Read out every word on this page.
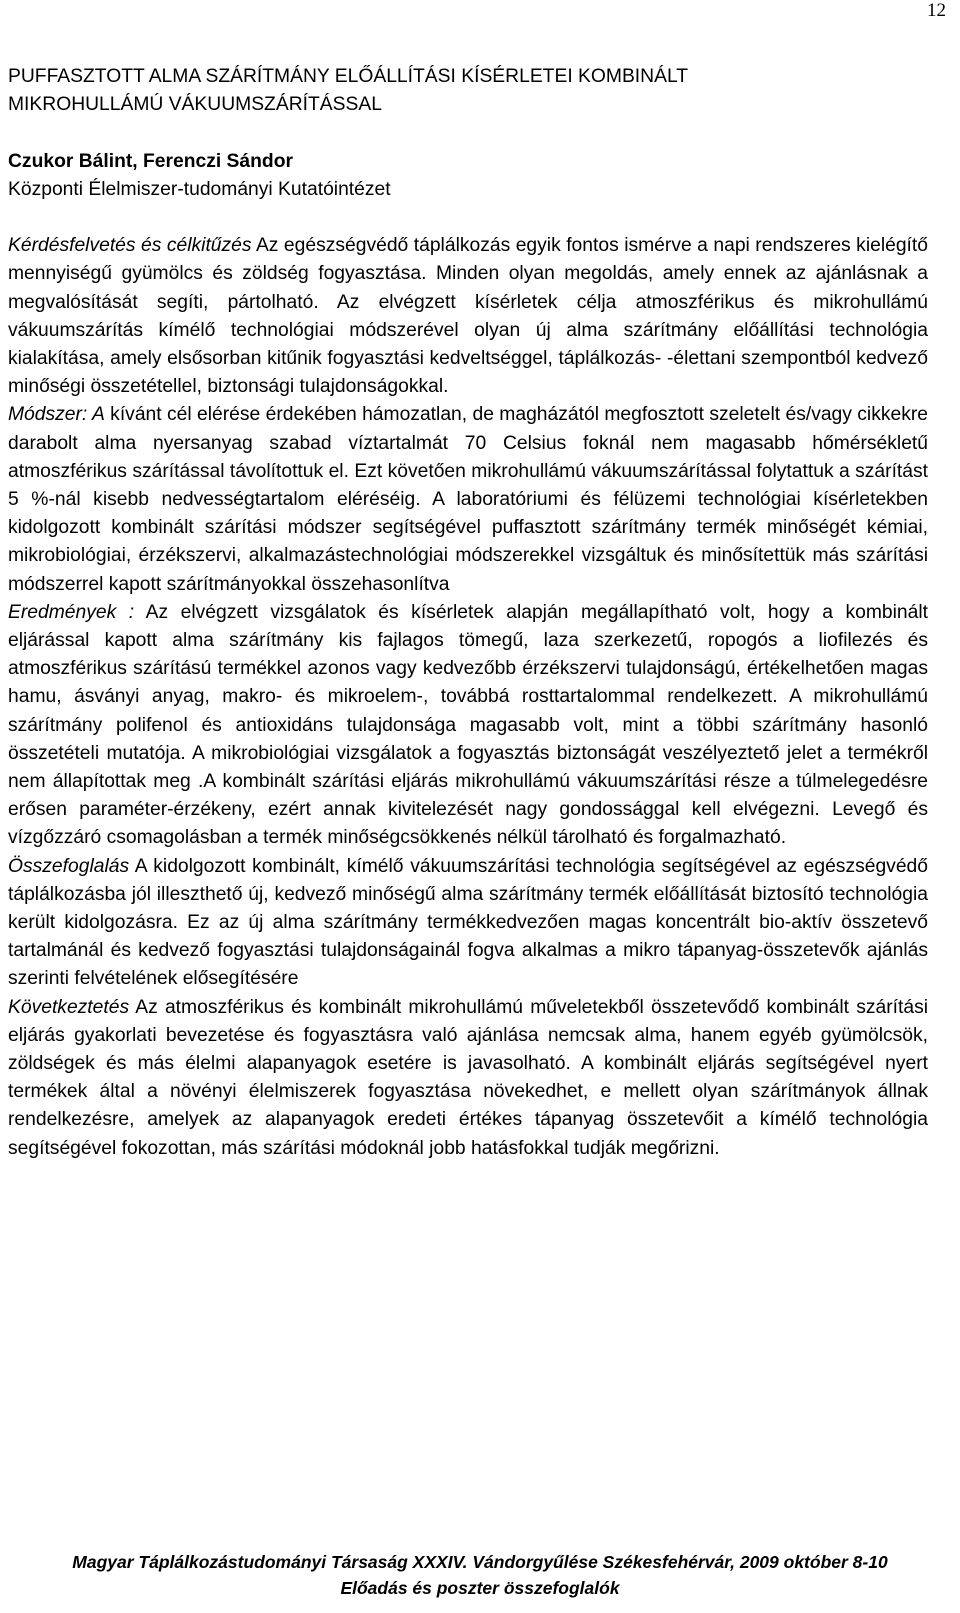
12

PUFFASZTOTT ALMA SZÁRÍTMÁNY ELŐÁLLÍTÁSI KÍSÉRLETEI KOMBINÁLT

MIKROHULLÁMÚ VÁKUUMSZÁRÍTÁSSAL

Czukor Bálint, Ferenczi Sándor

Központi Élelmiszer-tudományi Kutatóintézet

Kérdésfelvetés és célkitűzés Az egészségvédő táplálkozás egyik fontos ismérve a napi rendszeres kielégítő mennyiségű gyümölcs és zöldség fogyasztása. Minden olyan megoldás, amely ennek az ajánlásnak a megvalósítását segíti, pártolható. Az elvégzett kísérletek célja atmoszférikus és mikrohullámú vákuumszárítás kímélő technológiai módszerével olyan új alma szárítmány előállítási technológia kialakítása, amely elsősorban kitűnik fogyasztási kedveltséggel, táplálkozás- -élettani szempontból kedvező minőségi összetétellel, biztonsági tulajdonságokkal.

Módszer: A kívánt cél elérése érdekében hámozatlan, de magházától megfosztott szeletelt és/vagy cikkekre darabolt alma nyersanyag szabad víztartalmát 70 Celsius foknál nem magasabb hőmérsékletű atmoszférikus szárítással távolítottuk el. Ezt követően mikrohullámú vákuumszárítással folytattuk a szárítást 5 %-nál kisebb nedvességtartalom eléréséig. A laboratóriumi és félüzemi technológiai kísérletekben kidolgozott kombinált szárítási módszer segítségével puffasztott szárítmány termék minőségét kémiai, mikrobiológiai, érzékszervi, alkalmazástechnológiai módszerekkel vizsgáltuk és minősítettük más szárítási módszerrel kapott szárítmányokkal összehasonlítva

Eredmények : Az elvégzett vizsgálatok és kísérletek alapján megállapítható volt, hogy a kombinált eljárással kapott alma szárítmány kis fajlagos tömegű, laza szerkezetű, ropogós a liofilezés és atmoszférikus szárítású termékkel azonos vagy kedvezőbb érzékszervi tulajdonságú, értékelhetően magas hamu, ásványi anyag, makro- és mikroelem-, továbbá rosttartalommal rendelkezett. A mikrohullámú szárítmány polifenol és antioxidáns tulajdonsága magasabb volt, mint a többi szárítmány hasonló összetételi mutatója. A mikrobiológiai vizsgálatok a fogyasztás biztonságát veszélyeztető jelet a termékről nem állapítottak meg .A kombinált szárítási eljárás mikrohullámú vákuumszárítási része a túlmelegedésre erősen paraméter-érzékeny, ezért annak kivitelezését nagy gondossággal kell elvégezni. Levegő és vízgőzzáró csomagolásban a termék minőségcsökkenés nélkül tárolható és forgalmazható.

Összefoglalás A kidolgozott kombinált, kímélő vákuumszárítási technológia segítségével az egészségvédő táplálkozásba jól illeszthető új, kedvező minőségű alma szárítmány termék előállítását biztosító technológia került kidolgozásra. Ez az új alma szárítmány termékkedvezően magas koncentrált bio-aktív összetevő tartalmánál és kedvező fogyasztási tulajdonságainál fogva alkalmas a mikro tápanyag-összetevők ajánlás szerinti felvételének elősegítésére

Következtetés Az atmoszférikus és kombinált mikrohullámú műveletekből összetevődő kombinált szárítási eljárás gyakorlati bevezetése és fogyasztásra való ajánlása nemcsak alma, hanem egyéb gyümölcsök, zöldségek és más élelmi alapanyagok esetére is javasolható. A kombinált eljárás segítségével nyert termékek által a növényi élelmiszerek fogyasztása növekedhet, e mellett olyan szárítmányok állnak rendelkezésre, amelyek az alapanyagok eredeti értékes tápanyag összetevőit a kímélő technológia segítségével fokozottan, más szárítási módoknál jobb hatásfokkal tudják megőrizni.

Magyar Táplálkozástudományi Társaság XXXIV. Vándorgyűlése Székesfehérvár, 2009 október 8-10
Előadás és poszter összefoglalók
